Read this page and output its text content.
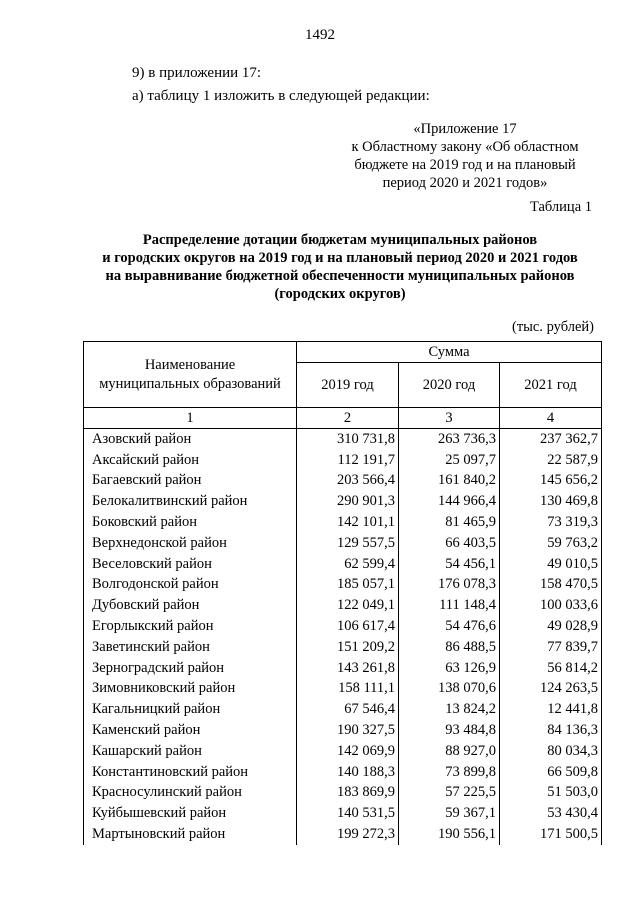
1492
9) в приложении 17:
а) таблицу 1 изложить в следующей редакции:
«Приложение 17
к Областному закону «Об областном
бюджете на 2019 год и на плановый
период 2020 и 2021 годов»
Таблица 1
Распределение дотации бюджетам муниципальных районов
и городских округов на 2019 год и на плановый период 2020 и 2021 годов
на выравнивание бюджетной обеспеченности муниципальных районов
(городских округов)
(тыс. рублей)
Наименование
муниципальных образований	Сумма		
	2019 год	2020 год	2021 год
1	2	3	4
Азовский район	310 731,8	263 736,3	237 362,7
Аксайский район	112 191,7	25 097,7	22 587,9
Багаевский район	203 566,4	161 840,2	145 656,2
Белокалитвинский район	290 901,3	144 966,4	130 469,8
Боковский район	142 101,1	81 465,9	73 319,3
Верхнедонской район	129 557,5	66 403,5	59 763,2
Веселовский район	62 599,4	54 456,1	49 010,5
Волгодонской район	185 057,1	176 078,3	158 470,5
Дубовский район	122 049,1	111 148,4	100 033,6
Егорлыкский район	106 617,4	54 476,6	49 028,9
Заветинский район	151 209,2	86 488,5	77 839,7
Зерноградский район	143 261,8	63 126,9	56 814,2
Зимовниковский район	158 111,1	138 070,6	124 263,5
Кагальницкий район	67 546,4	13 824,2	12 441,8
Каменский район	190 327,5	93 484,8	84 136,3
Кашарский район	142 069,9	88 927,0	80 034,3
Константиновский район	140 188,3	73 899,8	66 509,8
Красносулинский район	183 869,9	57 225,5	51 503,0
Куйбышевский район	140 531,5	59 367,1	53 430,4
Мартыновский район	199 272,3	190 556,1	171 500,5
